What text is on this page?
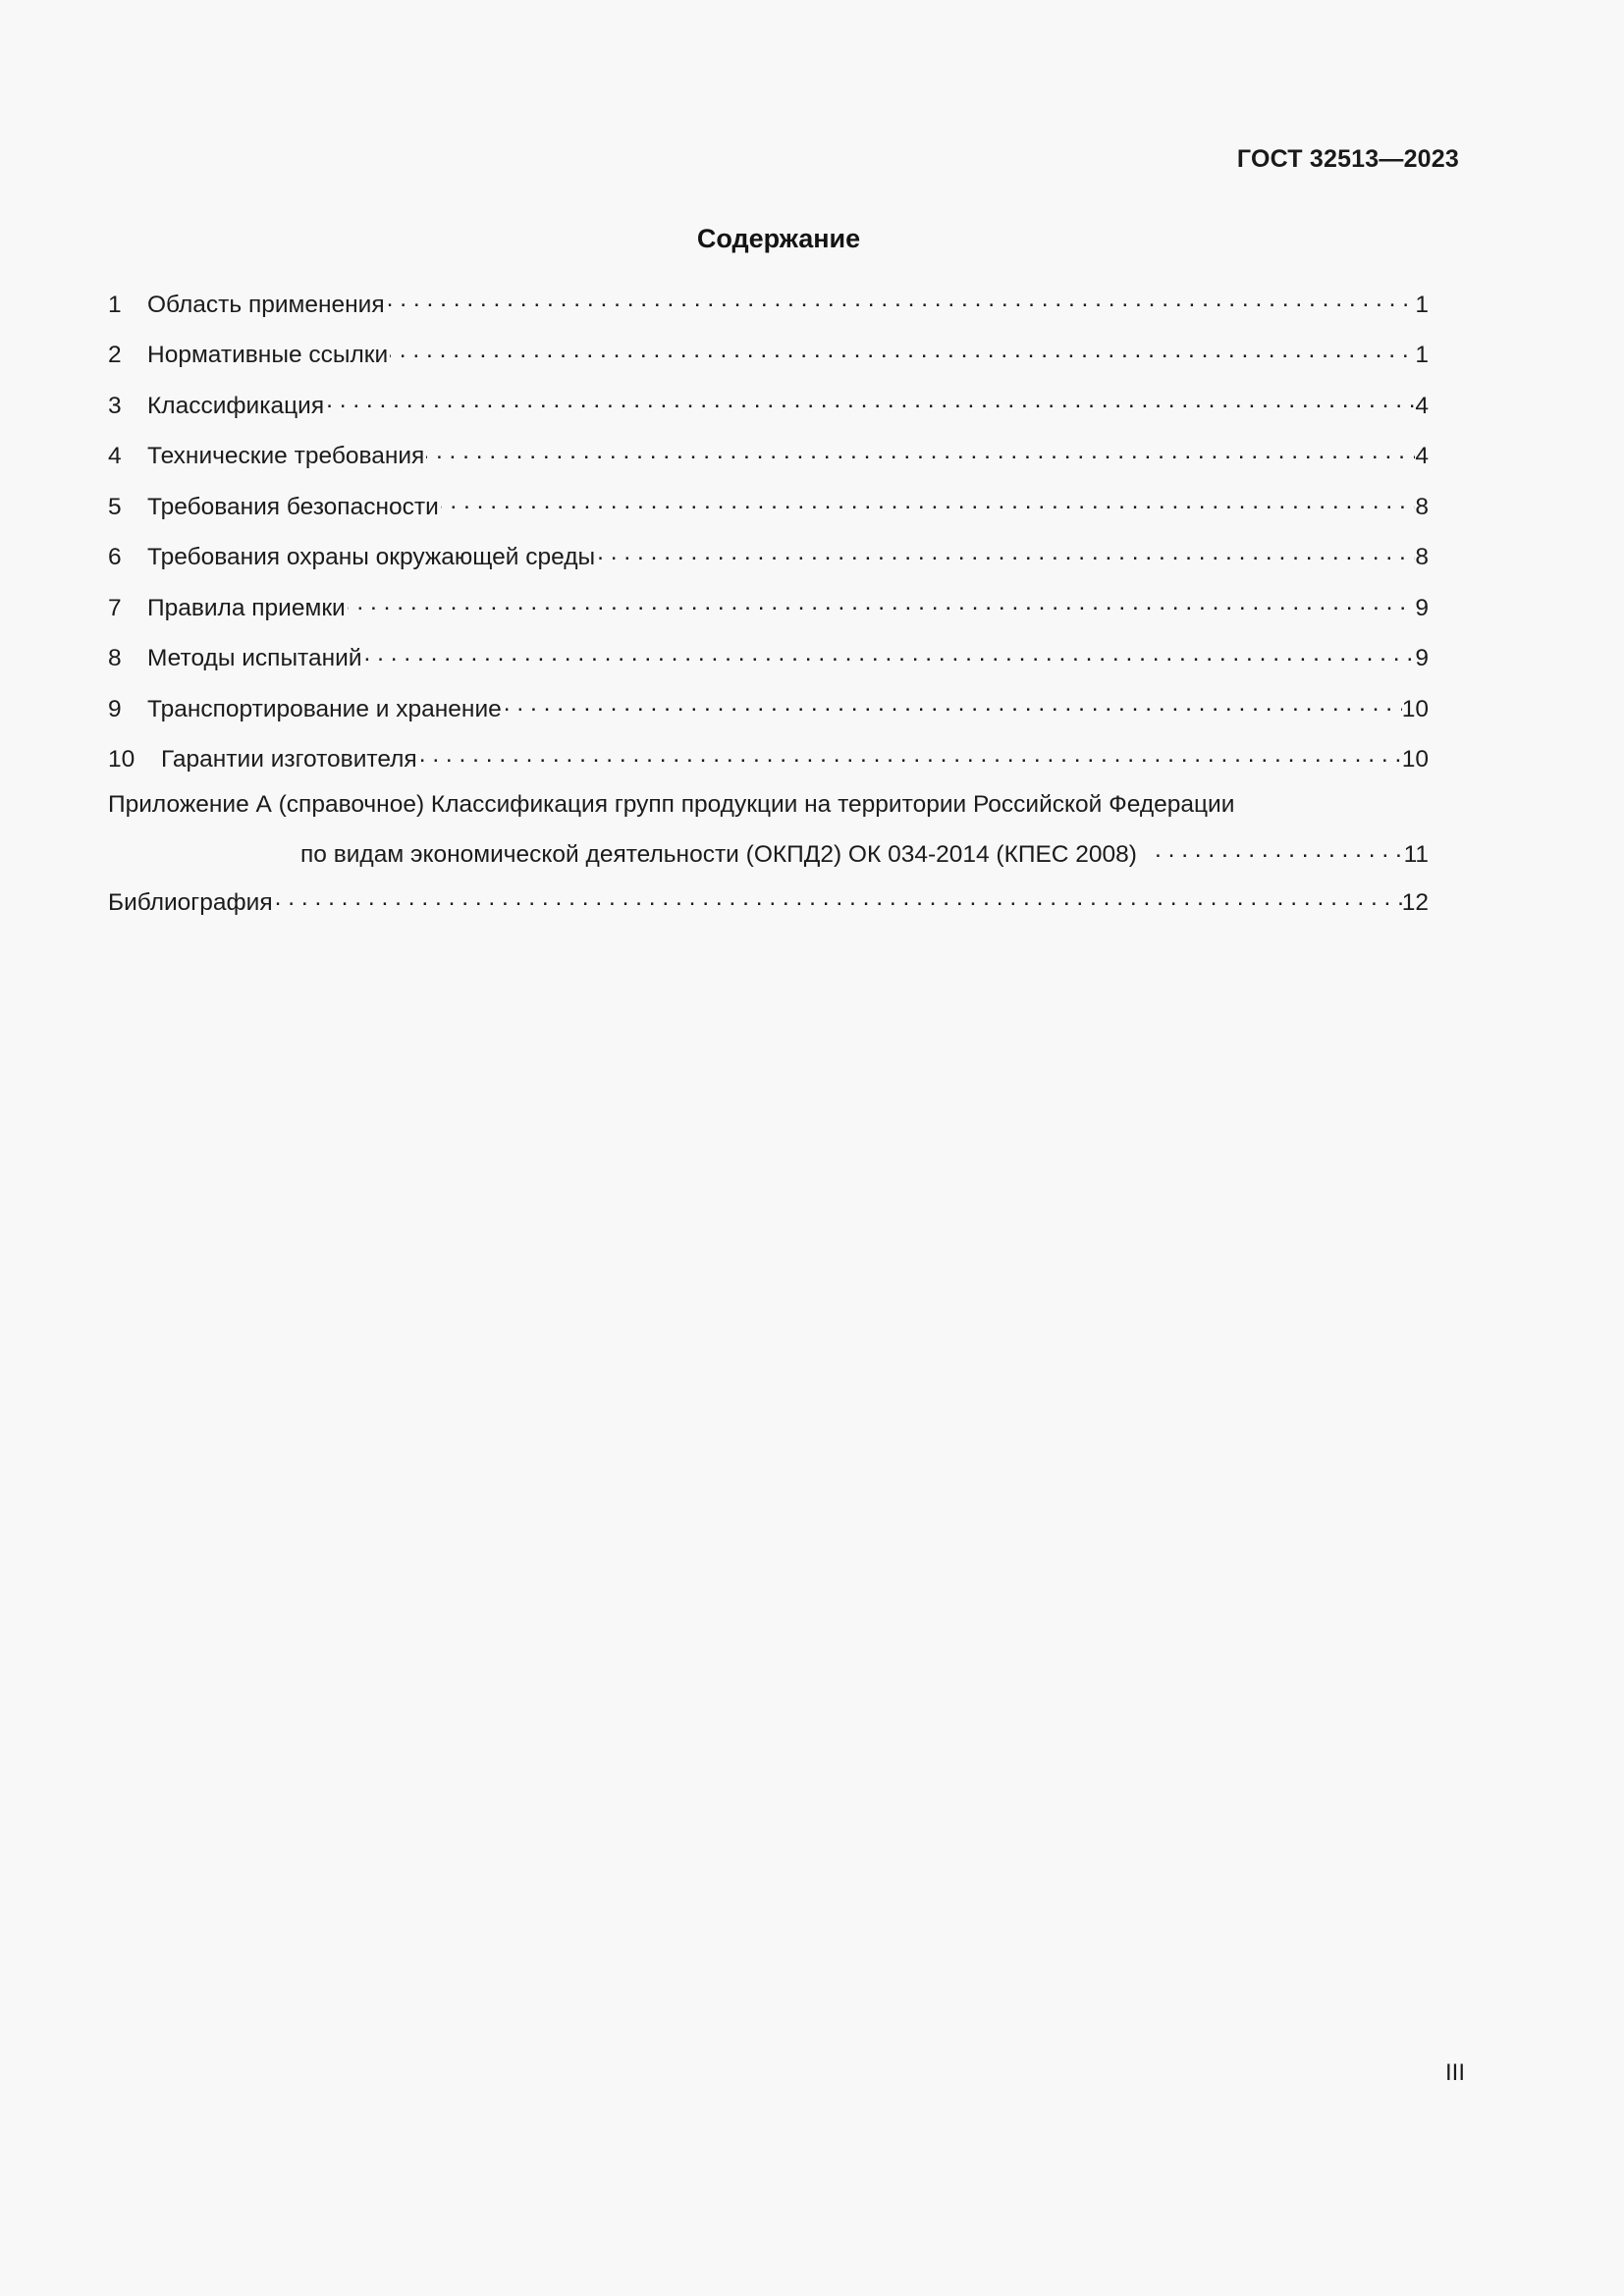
ГОСТ 32513—2023
Содержание
1	Область применения . . .	1
2	Нормативные ссылки . . .	1
3	Классификация . . .	4
4	Технические требования . . .	4
5	Требования безопасности . . .	8
6	Требования охраны окружающей среды . . .	8
7	Правила приемки . . .	9
8	Методы испытаний . . .	9
9	Транспортирование и хранение . . .	10
10	Гарантии изготовителя . . .	10
Приложение А (справочное) Классификация групп продукции на территории Российской Федерации
по видам экономической деятельности (ОКПД2) ОК 034-2014 (КПЕС 2008) . . .	11
Библиография . . .	12
III
